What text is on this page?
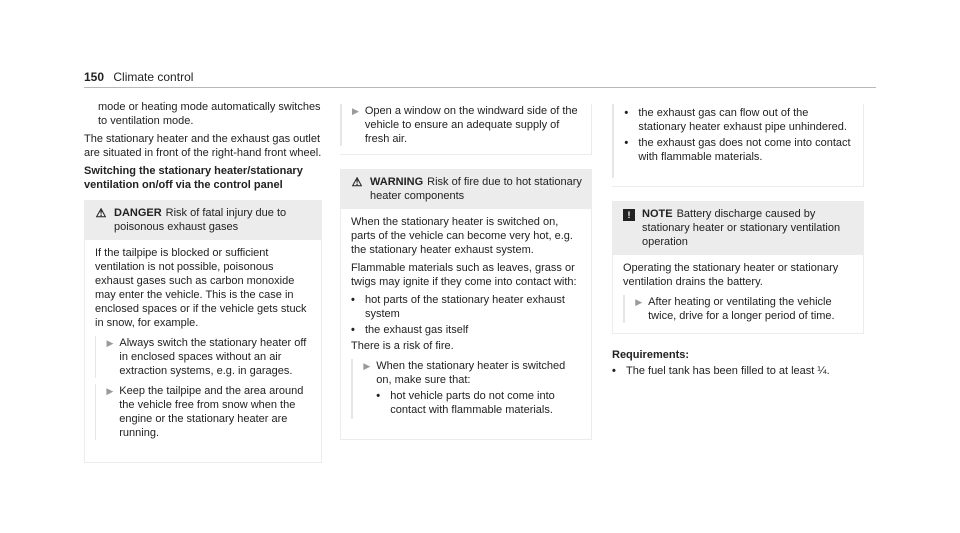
150 Climate control

mode or heating mode automatically switches to ventilation mode.

The stationary heater and the exhaust gas outlet are situated in front of the right-hand front wheel.

Switching the stationary heater/stationary ventilation on/off via the control panel

⚠ DANGER Risk of fatal injury due to poisonous exhaust gases

If the tailpipe is blocked or sufficient ventilation is not possible, poisonous exhaust gases such as carbon monoxide may enter the vehicle. This is the case in enclosed spaces or if the vehicle gets stuck in snow, for example.

▶ Always switch the stationary heater off in enclosed spaces without an air extraction systems, e.g. in garages.
▶ Keep the tailpipe and the area around the vehicle free from snow when the engine or the stationary heater are running.
▶ Open a window on the windward side of the vehicle to ensure an adequate supply of fresh air.
⚠ WARNING Risk of fire due to hot stationary heater components

When the stationary heater is switched on, parts of the vehicle can become very hot, e.g. the stationary heater exhaust system.

Flammable materials such as leaves, grass or twigs may ignite if they come into contact with:

• hot parts of the stationary heater exhaust system
• the exhaust gas itself

There is a risk of fire.

▶ When the stationary heater is switched on, make sure that:
• hot vehicle parts do not come into contact with flammable materials.
• the exhaust gas can flow out of the stationary heater exhaust pipe unhindered.
• the exhaust gas does not come into contact with flammable materials.
!	NOTE Battery discharge caused by stationary heater or stationary ventilation operation

Operating the stationary heater or stationary ventilation drains the battery.

▶ After heating or ventilating the vehicle twice, drive for a longer period of time.

Requirements:

• The fuel tank has been filled to at least ¼.
